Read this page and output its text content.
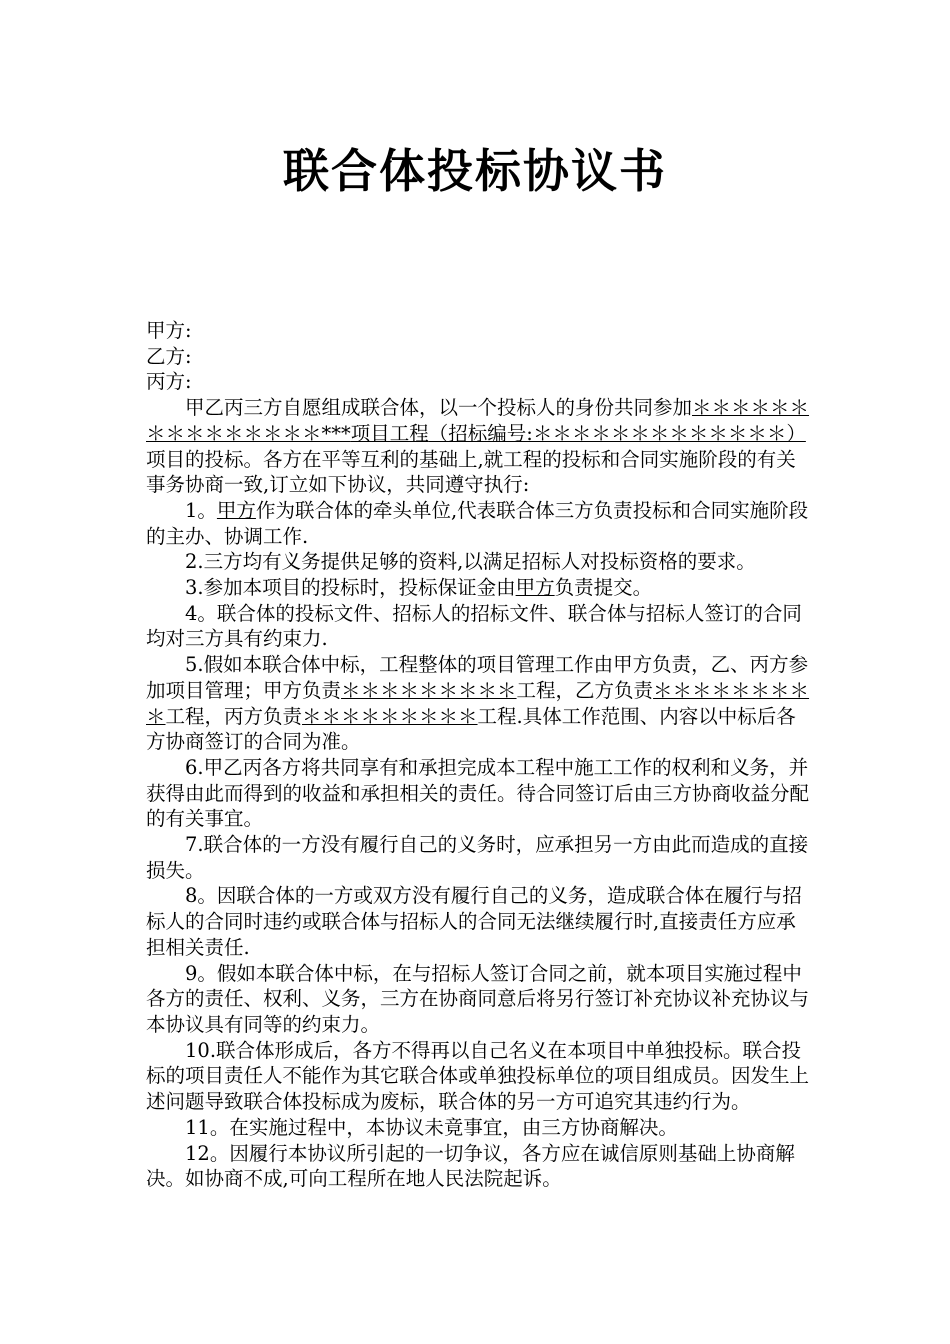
联合体投标协议书

甲方:

乙方:

丙方:

甲乙丙三方自愿组成联合体，以一个投标人的身份共同参加＊＊＊＊＊＊＊＊＊＊＊＊＊＊＊***项目工程（招标编号:＊＊＊＊＊＊＊＊＊＊＊＊＊）项目的投标。各方在平等互利的基础上,就工程的投标和合同实施阶段的有关事务协商一致,订立如下协议，共同遵守执行:

1。甲方作为联合体的牵头单位,代表联合体三方负责投标和合同实施阶段的主办、协调工作.

2.三方均有义务提供足够的资料,以满足招标人对投标资格的要求。

3.参加本项目的投标时，投标保证金由甲方负责提交。

4。联合体的投标文件、招标人的招标文件、联合体与招标人签订的合同均对三方具有约束力.

5.假如本联合体中标，工程整体的项目管理工作由甲方负责，乙、丙方参加项目管理；甲方负责＊＊＊＊＊＊＊＊＊工程，乙方负责＊＊＊＊＊＊＊＊＊工程，丙方负责＊＊＊＊＊＊＊＊＊工程.具体工作范围、内容以中标后各方协商签订的合同为准。

6.甲乙丙各方将共同享有和承担完成本工程中施工工作的权利和义务，并获得由此而得到的收益和承担相关的责任。待合同签订后由三方协商收益分配的有关事宜。

7.联合体的一方没有履行自己的义务时，应承担另一方由此而造成的直接损失。

8。因联合体的一方或双方没有履行自己的义务，造成联合体在履行与招标人的合同时违约或联合体与招标人的合同无法继续履行时,直接责任方应承担相关责任.

9。假如本联合体中标，在与招标人签订合同之前，就本项目实施过程中各方的责任、权利、义务，三方在协商同意后将另行签订补充协议补充协议与本协议具有同等的约束力。

10.联合体形成后，各方不得再以自己名义在本项目中单独投标。联合投标的项目责任人不能作为其它联合体或单独投标单位的项目组成员。因发生上述问题导致联合体投标成为废标，联合体的另一方可追究其违约行为。

11。在实施过程中，本协议未竟事宜，由三方协商解决。

12。因履行本协议所引起的一切争议，各方应在诚信原则基础上协商解决。如协商不成,可向工程所在地人民法院起诉。
